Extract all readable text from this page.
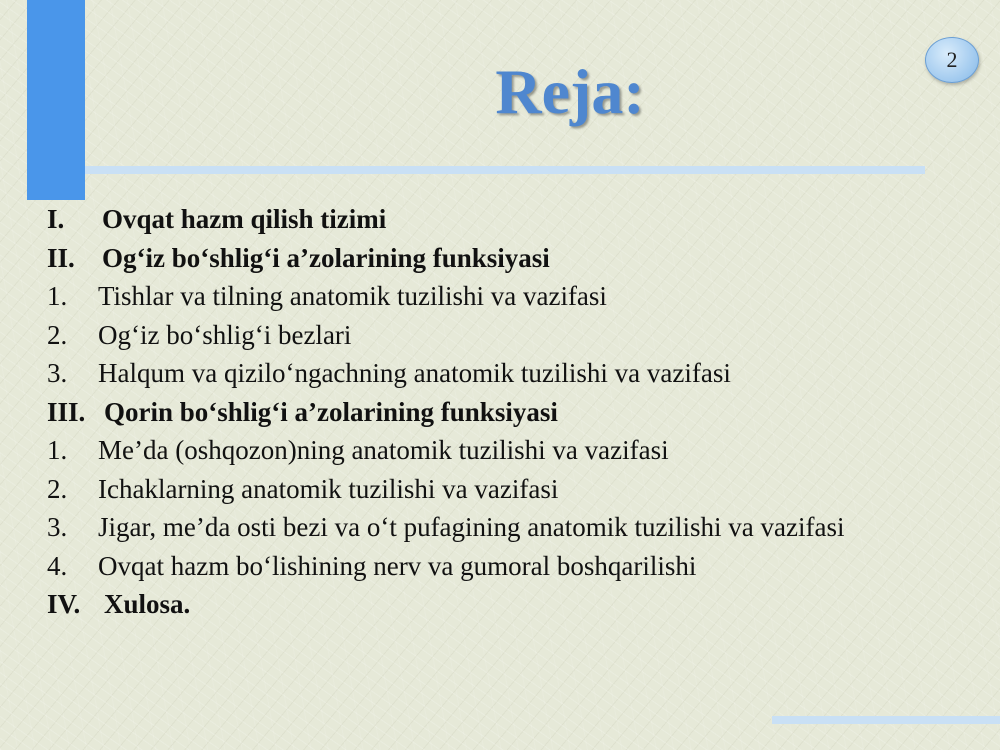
Reja:	2
I.	Ovqat hazm qilish tizimi
II.	Og‘iz bo‘shlig‘i a’zolarining funksiyasi
1.	Tishlar va tilning anatomik tuzilishi va vazifasi
2.	Og‘iz bo‘shlig‘i bezlari
3.	Halqum va qizilo‘ngachning anatomik tuzilishi va vazifasi
III. Qorin bo‘shlig‘i a’zolarining funksiyasi
1.	Me’da (oshqozon)ning anatomik tuzilishi va vazifasi
2.	Ichaklarning anatomik tuzilishi va vazifasi
3.	Jigar, me’da osti bezi va o‘t pufagining anatomik tuzilishi va vazifasi
4.	Ovqat hazm bo‘lishining nerv va gumoral boshqarilishi
IV. Xulosa.
